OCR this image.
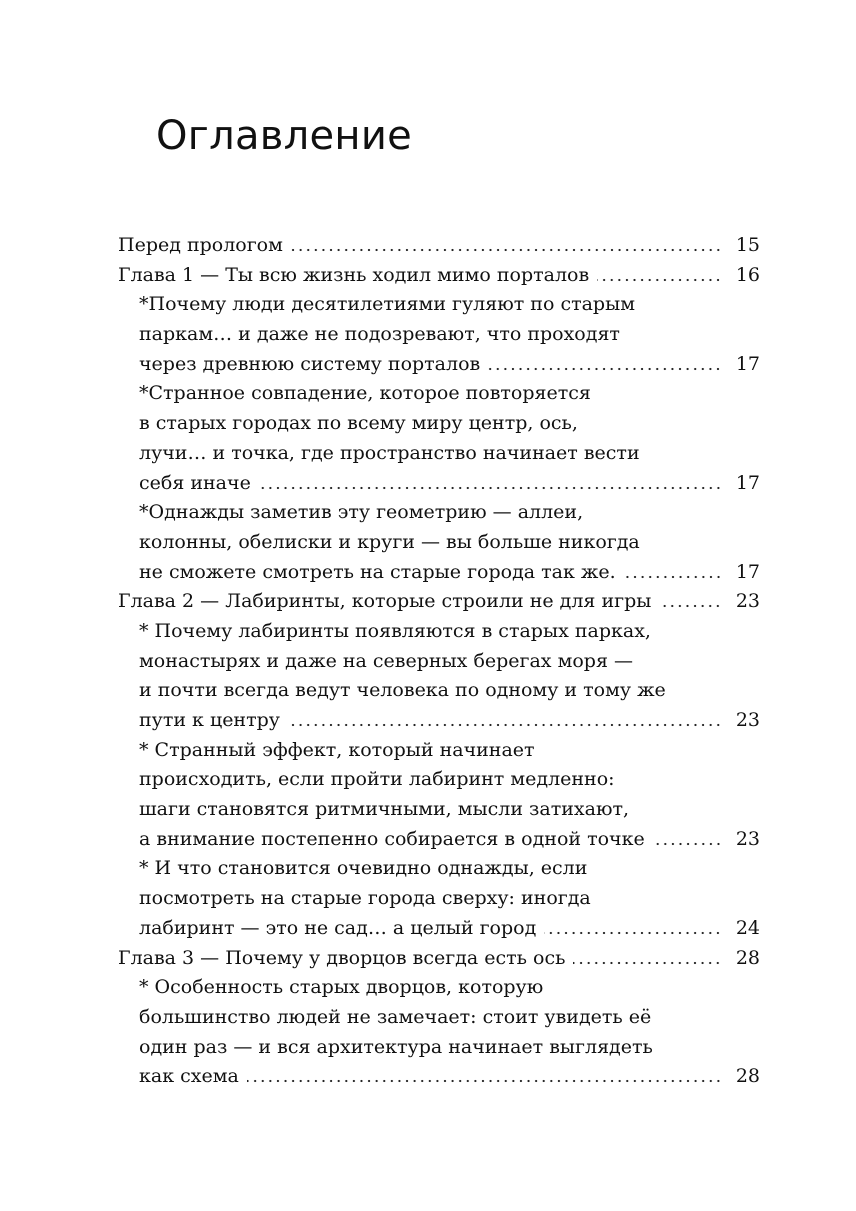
Оглавление
Перед прологом	15
Глава 1 — Ты всю жизнь ходил мимо порталов	16
*Почему люди десятилетиями гуляют по старым
паркам… и даже не подозревают, что проходят
через древнюю систему порталов	17
*Странное совпадение, которое повторяется
в старых городах по всему миру центр, ось,
лучи… и точка, где пространство начинает вести
себя иначе	17
*Однажды заметив эту геометрию — аллеи,
колонны, обелиски и круги — вы больше никогда
не сможете смотреть на старые города так же.	17
Глава 2 — Лабиринты, которые строили не для игры	23
* Почему лабиринты появляются в старых парках,
монастырях и даже на северных берегах моря —
и почти всегда ведут человека по одному и тому же
пути к центру	23
* Странный эффект, который начинает
происходить, если пройти лабиринт медленно:
шаги становятся ритмичными, мысли затихают,
а внимание постепенно собирается в одной точке	23
* И что становится очевидно однажды, если
посмотреть на старые города сверху: иногда
лабиринт — это не сад… а целый город	24
Глава 3 — Почему у дворцов всегда есть ось	28
* Особенность старых дворцов, которую
большинство людей не замечает: стоит увидеть её
один раз — и вся архитектура начинает выглядеть
как схема	28
